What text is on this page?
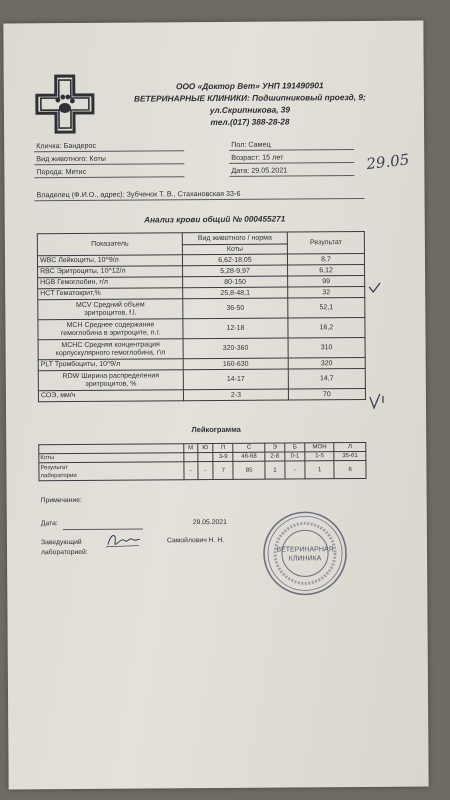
ООО «Доктор Вет» УНП 191490901
ВЕТЕРИНАРНЫЕ КЛИНИКИ: Подшипниковый проезд, 9;
ул.Скрипникова, 39
тел.(017) 388-28-28
Кличка: Бандерос
Вид животного: Коты
Порода: Метис
Пол: Самец
Возраст: 15 лет
Дата: 29.05.2021	29.05
Владелец (Ф.И.О., адрес): Зубченок Т. В., Стахановская 33-6
Анализ крови общий № 000455271
Показатель	Вид животного / норма	Результат
	Коты	
WBC Лейкоциты, 10^9/л	6,62-18,05	8,7
RBC Эритроциты, 10^12/л	5,28-9,97	6,12
HGB Гемоглобин, г/л	80-150	99
HCT Гематокрит,%	25,8-48,1	32
MCV Средний объем
эритроцитов, f.l.	36-50	52,1
MCH Среднее содержание
гемоглобина в эритроците, п.г.	12-18	16,2
MCHC Средняя концентрация
корпускулярного гемоглобина, г\л	320-360	310
PLT Тромбоциты, 10^9/л	160-630	320
RDW Ширина распределения
эритроцитов, %	14-17	14,7
СОЭ, мм/ч	2-3	70
Лейкограмма
	М	Ю	П	С	Э	Б	МОН	Л
Коты			3-9	46-68	2-8	0-1	1-5	35-61
Результат
лаборатории	-	-	7	85	1	-	1	6
Примечание:
Дата:	29.05.2021
Заведующий
лабораторией:
Самойлович Н. Н.
ВЕТЕРИНАРНАЯ
КЛИНИКА
